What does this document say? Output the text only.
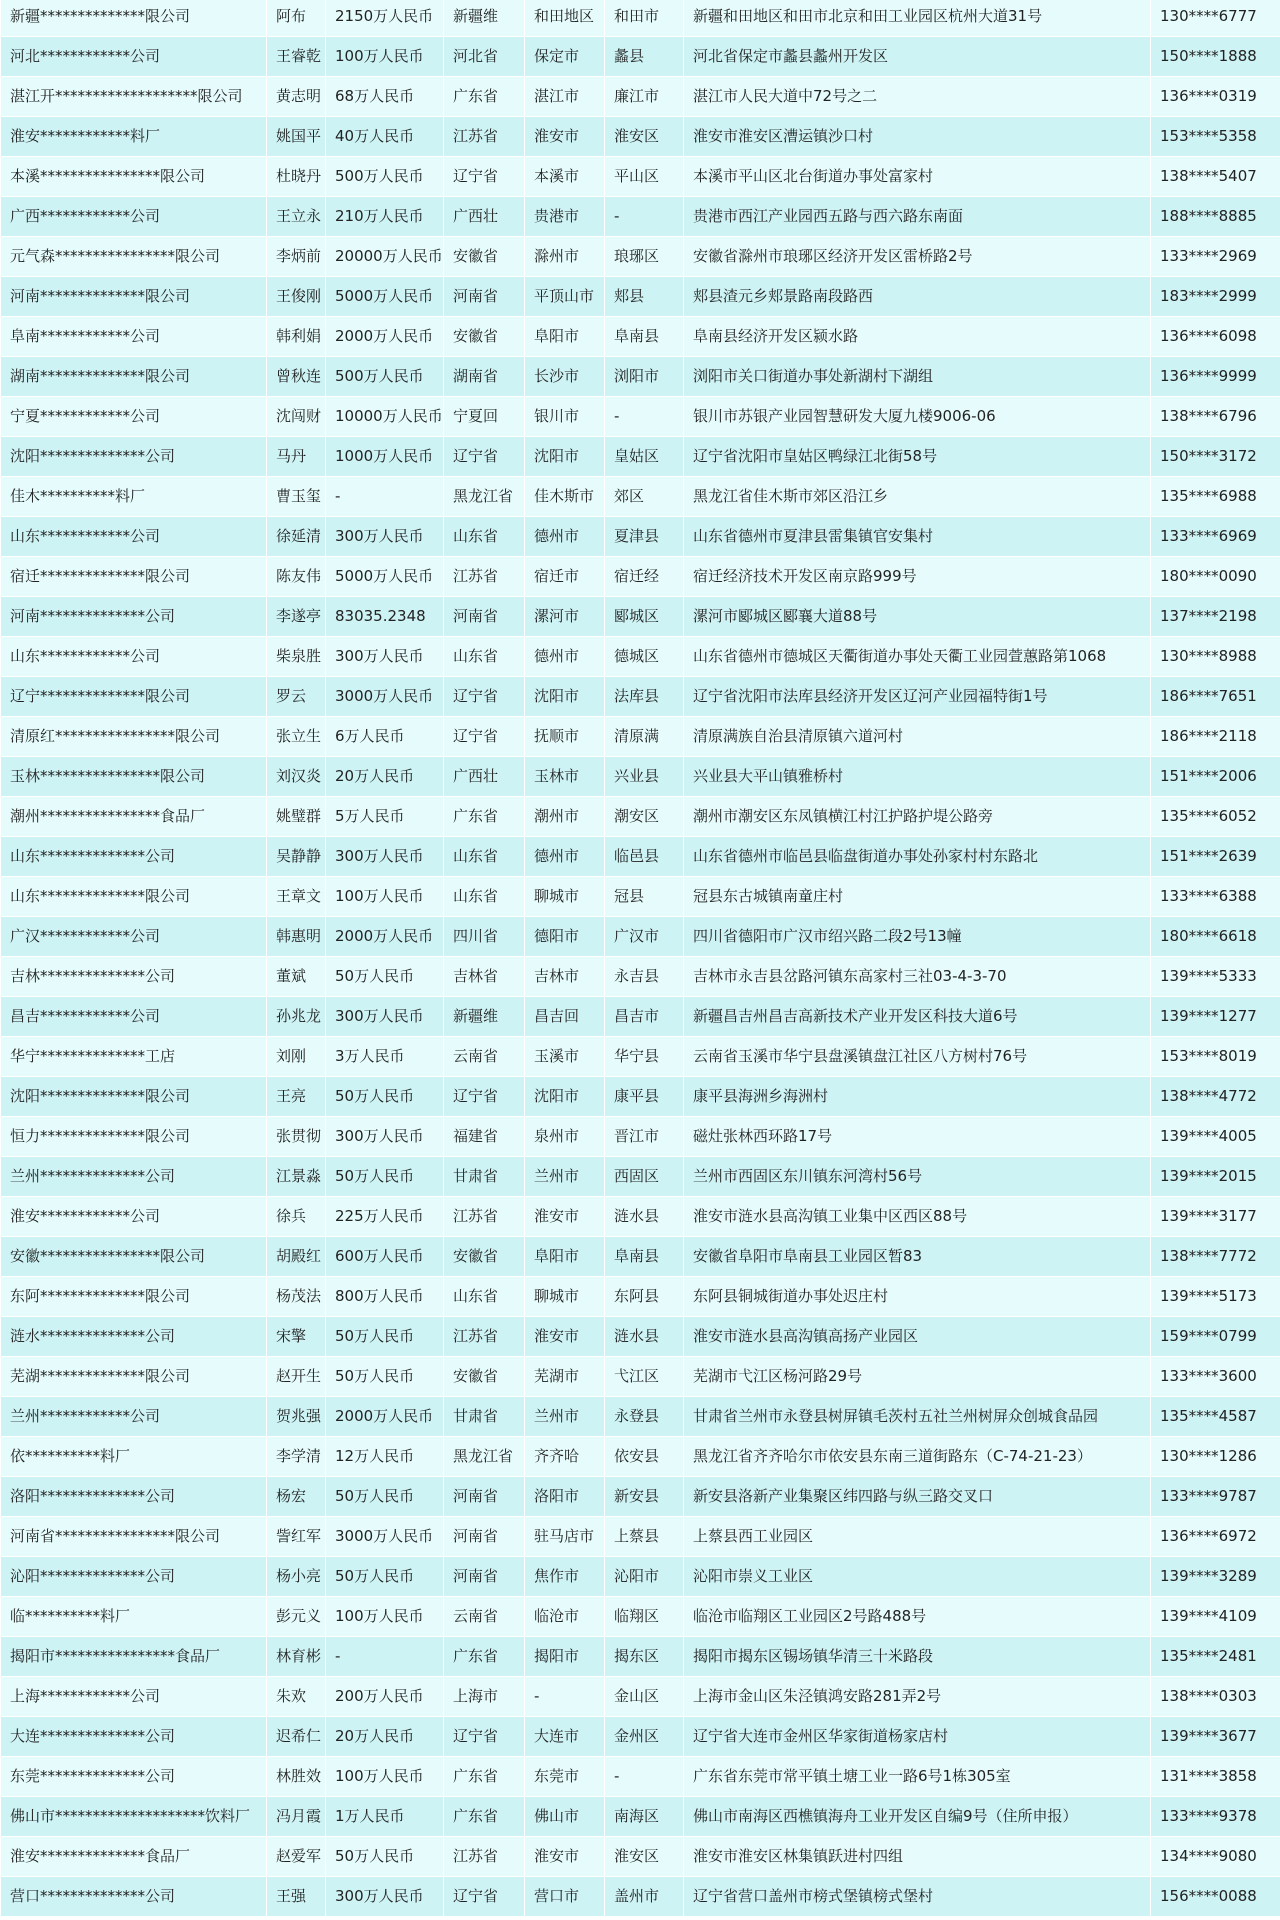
新疆**************限公司	阿布	2150万人民币	新疆维	和田地区	和田市	新疆和田地区和田市北京和田工业园区杭州大道31号	130****6777
河北************公司	王睿乾	100万人民币	河北省	保定市	蠡县	河北省保定市蠡县蠡州开发区	150****1888
湛江开*******************限公司	黄志明	68万人民币	广东省	湛江市	廉江市	湛江市人民大道中72号之二	136****0319
淮安************料厂	姚国平	40万人民币	江苏省	淮安市	淮安区	淮安市淮安区漕运镇沙口村	153****5358
本溪****************限公司	杜晓丹	500万人民币	辽宁省	本溪市	平山区	本溪市平山区北台街道办事处富家村	138****5407
广西************公司	王立永	210万人民币	广西壮	贵港市	-	贵港市西江产业园西五路与西六路东南面	188****8885
元气森****************限公司	李炳前	20000万人民币	安徽省	滁州市	琅琊区	安徽省滁州市琅琊区经济开发区雷桥路2号	133****2969
河南**************限公司	王俊刚	5000万人民币	河南省	平顶山市	郏县	郏县渣元乡郏景路南段路西	183****2999
阜南************公司	韩利娟	2000万人民币	安徽省	阜阳市	阜南县	阜南县经济开发区颍水路	136****6098
湖南**************限公司	曾秋连	500万人民币	湖南省	长沙市	浏阳市	浏阳市关口街道办事处新湖村下湖组	136****9999
宁夏************公司	沈闯财	10000万人民币	宁夏回	银川市	-	银川市苏银产业园智慧研发大厦九楼9006-06	138****6796
沈阳**************公司	马丹	1000万人民币	辽宁省	沈阳市	皇姑区	辽宁省沈阳市皇姑区鸭绿江北街58号	150****3172
佳木**********料厂	曹玉玺	-	黑龙江省	佳木斯市	郊区	黑龙江省佳木斯市郊区沿江乡	135****6988
山东************公司	徐延清	300万人民币	山东省	德州市	夏津县	山东省德州市夏津县雷集镇官安集村	133****6969
宿迁**************限公司	陈友伟	5000万人民币	江苏省	宿迁市	宿迁经	宿迁经济技术开发区南京路999号	180****0090
河南**************公司	李遂亭	83035.2348	河南省	漯河市	郾城区	漯河市郾城区郾襄大道88号	137****2198
山东************公司	柴泉胜	300万人民币	山东省	德州市	德城区	山东省德州市德城区天衢街道办事处天衢工业园萱蕙路第1068	130****8988
辽宁**************限公司	罗云	3000万人民币	辽宁省	沈阳市	法库县	辽宁省沈阳市法库县经济开发区辽河产业园福特街1号	186****7651
清原红****************限公司	张立生	6万人民币	辽宁省	抚顺市	清原满	清原满族自治县清原镇六道河村	186****2118
玉林****************限公司	刘汉炎	20万人民币	广西壮	玉林市	兴业县	兴业县大平山镇雅桥村	151****2006
潮州****************食品厂	姚璧群	5万人民币	广东省	潮州市	潮安区	潮州市潮安区东凤镇横江村江护路护堤公路旁	135****6052
山东**************公司	吴静静	300万人民币	山东省	德州市	临邑县	山东省德州市临邑县临盘街道办事处孙家村村东路北	151****2639
山东**************限公司	王章文	100万人民币	山东省	聊城市	冠县	冠县东古城镇南童庄村	133****6388
广汉************公司	韩惠明	2000万人民币	四川省	德阳市	广汉市	四川省德阳市广汉市绍兴路二段2号13幢	180****6618
吉林**************公司	董斌	50万人民币	吉林省	吉林市	永吉县	吉林市永吉县岔路河镇东高家村三社03-4-3-70	139****5333
昌吉************公司	孙兆龙	300万人民币	新疆维	昌吉回	昌吉市	新疆昌吉州昌吉高新技术产业开发区科技大道6号	139****1277
华宁**************工店	刘刚	3万人民币	云南省	玉溪市	华宁县	云南省玉溪市华宁县盘溪镇盘江社区八方树村76号	153****8019
沈阳**************限公司	王亮	50万人民币	辽宁省	沈阳市	康平县	康平县海洲乡海洲村	138****4772
恒力**************限公司	张贯彻	300万人民币	福建省	泉州市	晋江市	磁灶张林西环路17号	139****4005
兰州**************公司	江景淼	50万人民币	甘肃省	兰州市	西固区	兰州市西固区东川镇东河湾村56号	139****2015
淮安************公司	徐兵	225万人民币	江苏省	淮安市	涟水县	淮安市涟水县高沟镇工业集中区西区88号	139****3177
安徽****************限公司	胡殿红	600万人民币	安徽省	阜阳市	阜南县	安徽省阜阳市阜南县工业园区暂83	138****7772
东阿**************限公司	杨茂法	800万人民币	山东省	聊城市	东阿县	东阿县铜城街道办事处迟庄村	139****5173
涟水**************公司	宋擎	50万人民币	江苏省	淮安市	涟水县	淮安市涟水县高沟镇高扬产业园区	159****0799
芜湖**************限公司	赵开生	50万人民币	安徽省	芜湖市	弋江区	芜湖市弋江区杨河路29号	133****3600
兰州************公司	贺兆强	2000万人民币	甘肃省	兰州市	永登县	甘肃省兰州市永登县树屏镇毛茨村五社兰州树屏众创城食品园	135****4587
依**********料厂	李学清	12万人民币	黑龙江省	齐齐哈	依安县	黑龙江省齐齐哈尔市依安县东南三道街路东（C-74-21-23）	130****1286
洛阳**************公司	杨宏	50万人民币	河南省	洛阳市	新安县	新安县洛新产业集聚区纬四路与纵三路交叉口	133****9787
河南省****************限公司	訾红军	3000万人民币	河南省	驻马店市	上蔡县	上蔡县西工业园区	136****6972
沁阳**************公司	杨小亮	50万人民币	河南省	焦作市	沁阳市	沁阳市崇义工业区	139****3289
临**********料厂	彭元义	100万人民币	云南省	临沧市	临翔区	临沧市临翔区工业园区2号路488号	139****4109
揭阳市****************食品厂	林育彬	-	广东省	揭阳市	揭东区	揭阳市揭东区锡场镇华清三十米路段	135****2481
上海************公司	朱欢	200万人民币	上海市	-	金山区	上海市金山区朱泾镇鸿安路281弄2号	138****0303
大连**************公司	迟希仁	20万人民币	辽宁省	大连市	金州区	辽宁省大连市金州区华家街道杨家店村	139****3677
东莞**************公司	林胜效	100万人民币	广东省	东莞市	-	广东省东莞市常平镇土塘工业一路6号1栋305室	131****3858
佛山市********************饮料厂	冯月霞	1万人民币	广东省	佛山市	南海区	佛山市南海区西樵镇海舟工业开发区自编9号（住所申报）	133****9378
淮安**************食品厂	赵爱军	50万人民币	江苏省	淮安市	淮安区	淮安市淮安区林集镇跃进村四组	134****9080
营口**************公司	王强	300万人民币	辽宁省	营口市	盖州市	辽宁省营口盖州市榜式堡镇榜式堡村	156****0088
